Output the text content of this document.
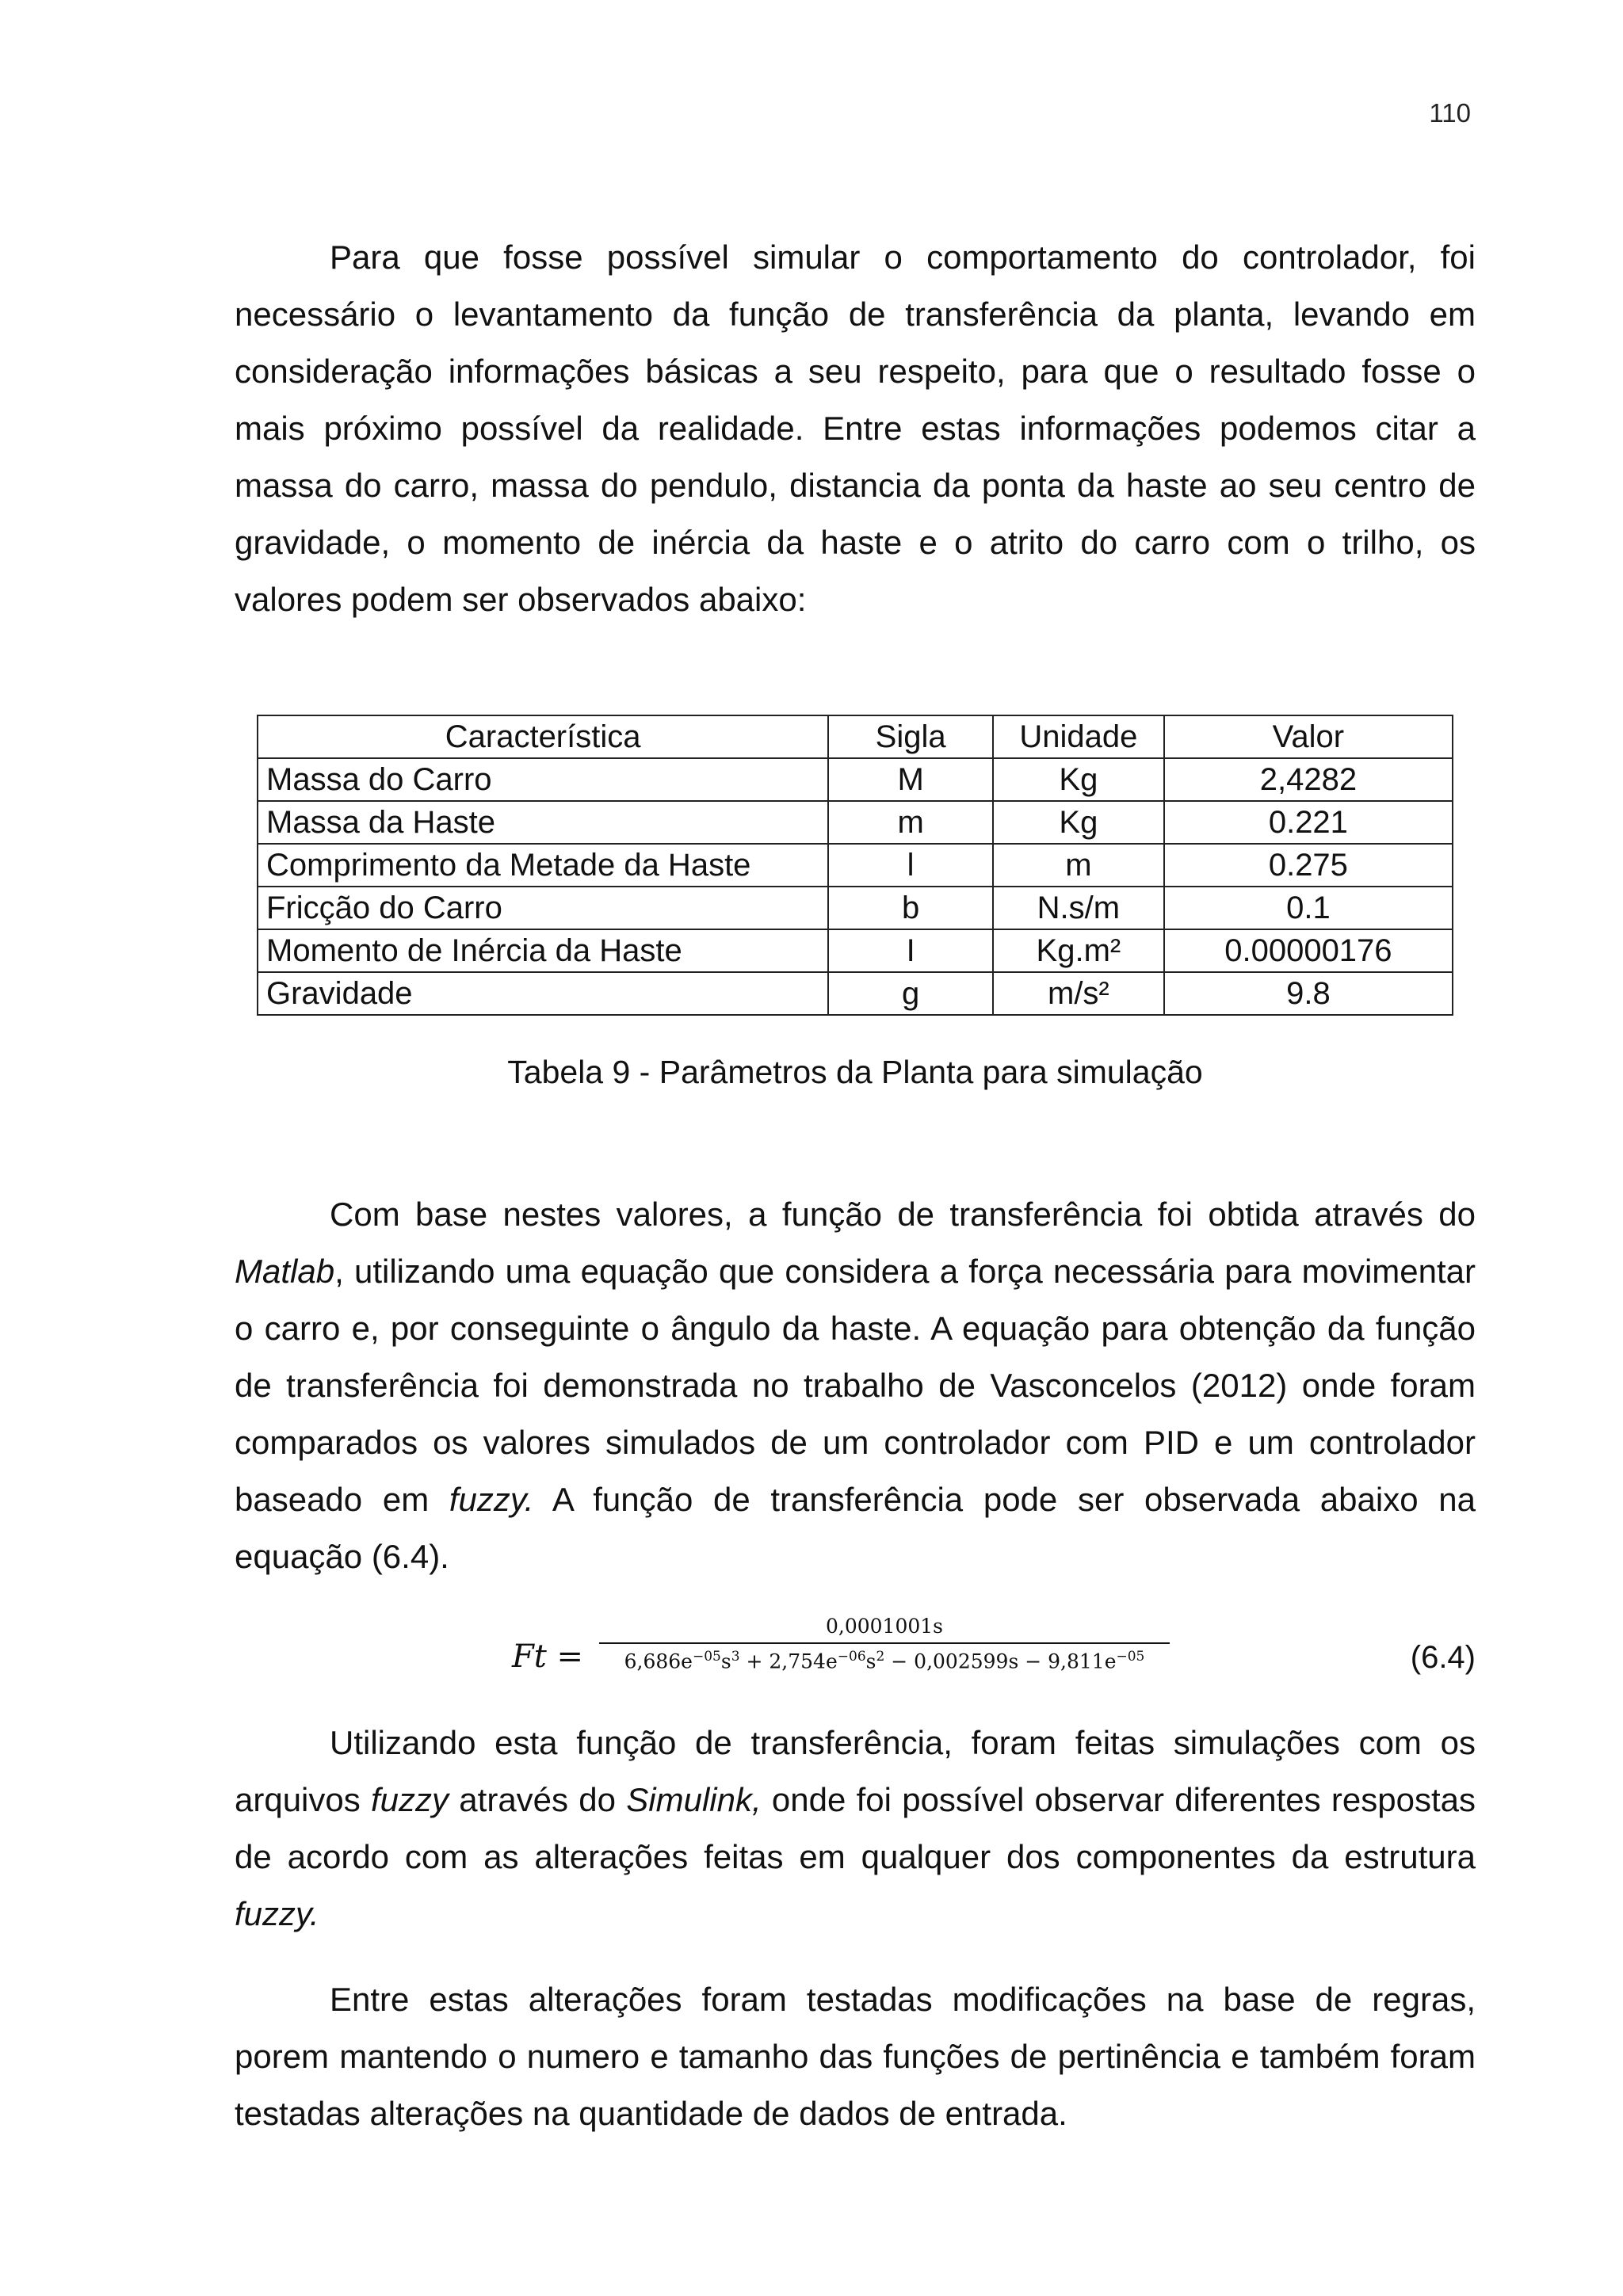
110

Para que fosse possível simular o comportamento do controlador, foi necessário o levantamento da função de transferência da planta, levando em consideração informações básicas a seu respeito, para que o resultado fosse o mais próximo possível da realidade. Entre estas informações podemos citar a massa do carro, massa do pendulo, distancia da ponta da haste ao seu centro de gravidade, o momento de inércia da haste e o atrito do carro com o trilho, os valores podem ser observados abaixo:

Característica	Sigla	Unidade	Valor
Massa do Carro	M	Kg	2,4282
Massa da Haste	m	Kg	0.221
Comprimento da Metade da Haste	l	m	0.275
Fricção do Carro	b	N.s/m	0.1
Momento de Inércia da Haste	I	Kg.m²	0.00000176
Gravidade	g	m/s²	9.8
Tabela 9 - Parâmetros da Planta para simulação

Com base nestes valores, a função de transferência foi obtida através do Matlab, utilizando uma equação que considera a força necessária para movimentar o carro e, por conseguinte o ângulo da haste. A equação para obtenção da função de transferência foi demonstrada no trabalho de Vasconcelos (2012) onde foram comparados os valores simulados de um controlador com PID e um controlador baseado em fuzzy. A função de transferência pode ser observada abaixo na equação (6.4).

Ft =
0,0001001s
$6,686e^{-05}s^3 + 2,754e^{-06}s^2 - 0,002599s - 9,811e^{-05}$	(6.4)

Utilizando esta função de transferência, foram feitas simulações com os arquivos fuzzy através do Simulink, onde foi possível observar diferentes respostas de acordo com as alterações feitas em qualquer dos componentes da estrutura fuzzy.

Entre estas alterações foram testadas modificações na base de regras, porem mantendo o numero e tamanho das funções de pertinência e também foram testadas alterações na quantidade de dados de entrada.
